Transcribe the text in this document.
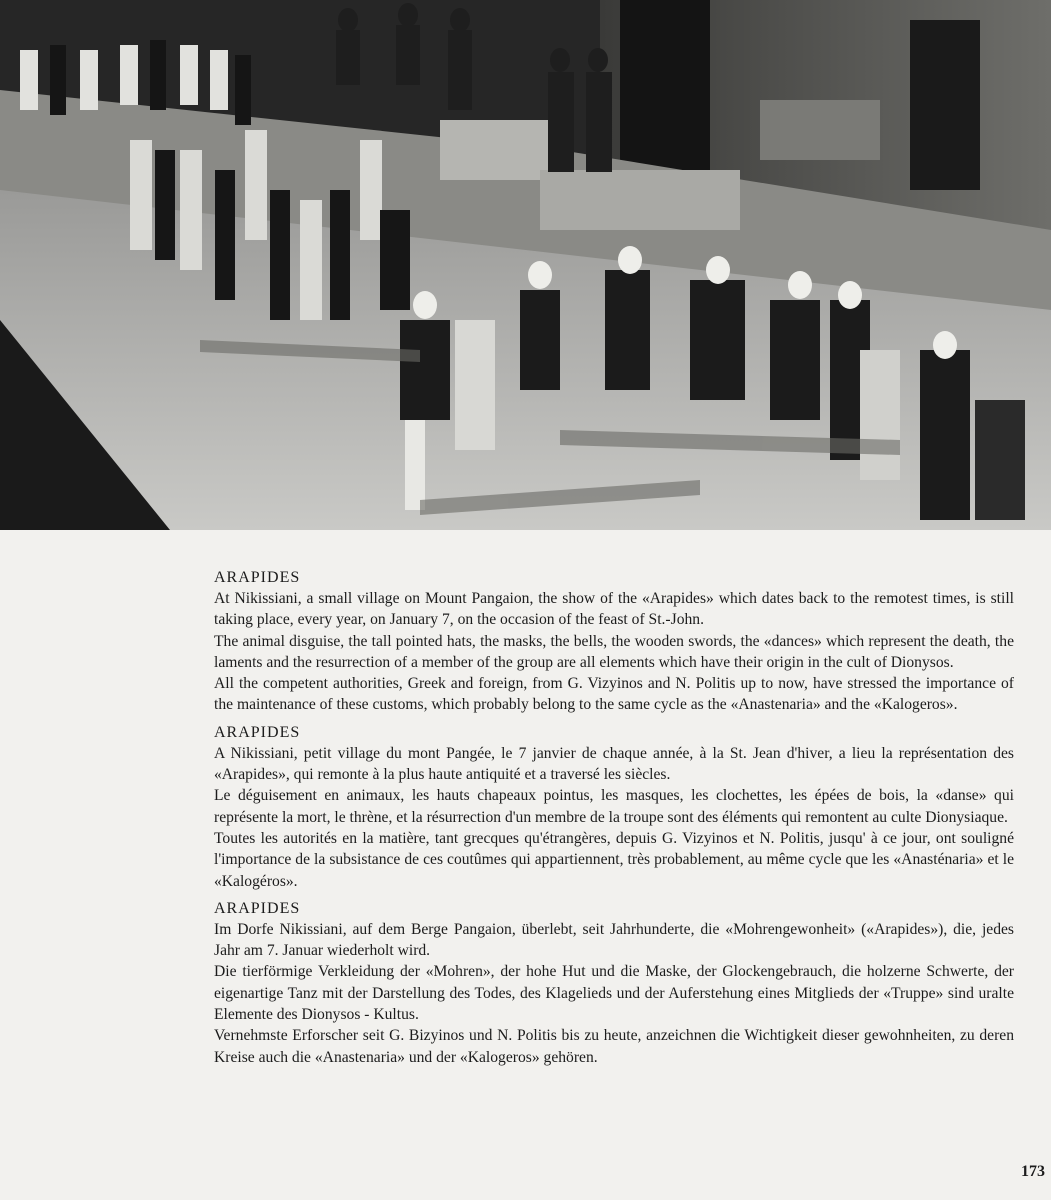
ARAPIDES

At Nikissiani, a small village on Mount Pangaion, the show of the «Arapides» which dates back to the remotest times, is still taking place, every year, on January 7, on the occasion of the feast of St.-John.

The animal disguise, the tall pointed hats, the masks, the bells, the wooden swords, the «dances» which represent the death, the laments and the resurrection of a member of the group are all elements which have their origin in the cult of Dionysos.

All the competent authorities, Greek and foreign, from G. Vizyinos and N. Politis up to now, have stressed the importance of the maintenance of these customs, which probably belong to the same cycle as the «Anastenaria» and the «Kalogeros».

ARAPIDES

A Nikissiani, petit village du mont Pangée, le 7 janvier de chaque année, à la St. Jean d'hiver, a lieu la représentation des «Arapides», qui remonte à la plus haute antiquité et a traversé les siècles.

Le déguisement en animaux, les hauts chapeaux pointus, les masques, les clochettes, les épées de bois, la «danse» qui représente la mort, le thrène, et la résurrection d'un membre de la troupe sont des éléments qui remontent au culte Dionysiaque.

Toutes les autorités en la matière, tant grecques qu'étrangères, depuis G. Vizyinos et N. Politis, jusqu' à ce jour, ont souligné l'importance de la subsistance de ces coutûmes qui appartiennent, très probablement, au même cycle que les «Anasténaria» et le «Kalogéros».

ARAPIDES

Im Dorfe Nikissiani, auf dem Berge Pangaion, überlebt, seit Jahrhunderte, die «Mohrengewonheit» («Arapides»), die, jedes Jahr am 7. Januar wiederholt wird.

Die tierförmige Verkleidung der «Mohren», der hohe Hut und die Maske, der Glockengebrauch, die holzerne Schwerte, der eigenartige Tanz mit der Darstellung des Todes, des Klagelieds und der Auferstehung eines Mitglieds der «Truppe» sind uralte Elemente des Dionysos - Kultus.

Vernehmste Erforscher seit G. Bizyinos und N. Politis bis zu heute, anzeichnen die Wichtigkeit dieser gewohnheiten, zu deren Kreise auch die «Anastenaria» und der «Kalogeros» gehören.

173
